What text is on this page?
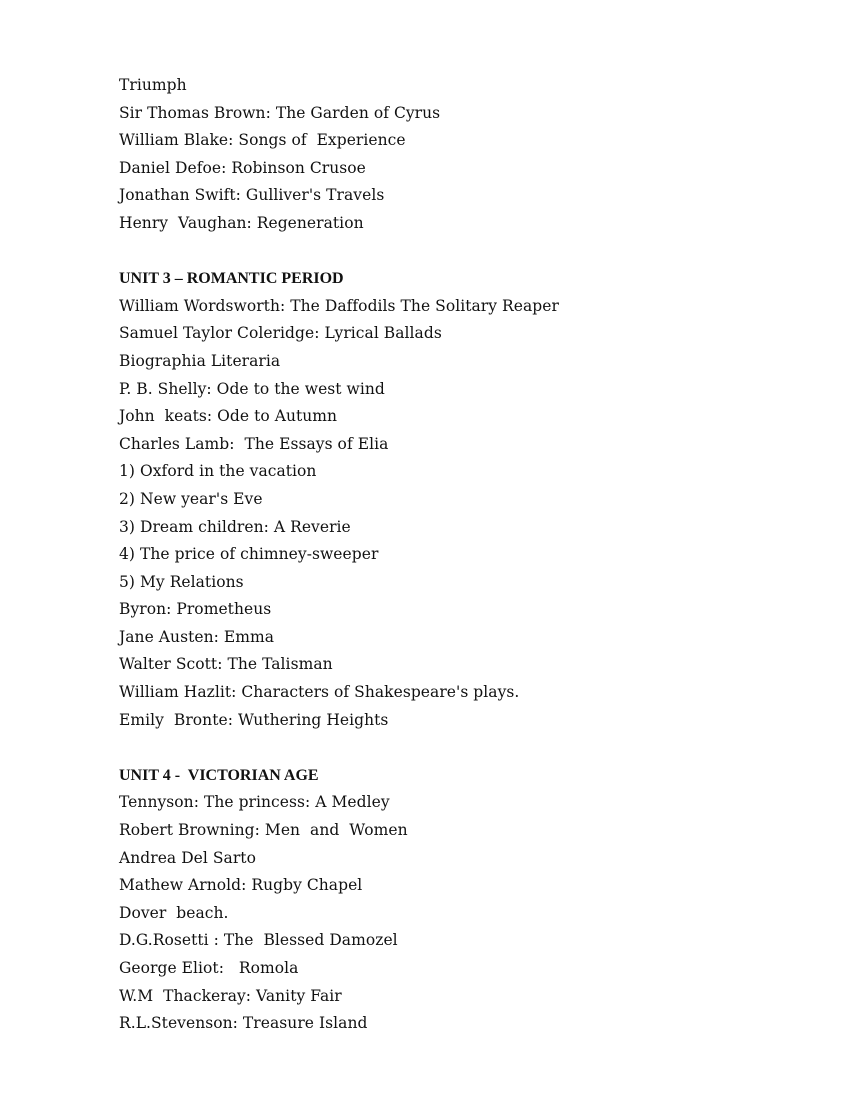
Triumph
Sir Thomas Brown: The Garden of Cyrus
William Blake: Songs of  Experience
Daniel Defoe: Robinson Crusoe
Jonathan Swift: Gulliver's Travels
Henry  Vaughan: Regeneration
UNIT 3 – ROMANTIC PERIOD
William Wordsworth: The Daffodils The Solitary Reaper
Samuel Taylor Coleridge: Lyrical Ballads
Biographia Literaria
P. B. Shelly: Ode to the west wind
John  keats: Ode to Autumn
Charles Lamb:  The Essays of Elia
1) Oxford in the vacation
2) New year's Eve
3) Dream children: A Reverie
4) The price of chimney-sweeper
5) My Relations
Byron: Prometheus
Jane Austen: Emma
Walter Scott: The Talisman
William Hazlit: Characters of Shakespeare's plays.
Emily  Bronte: Wuthering Heights
UNIT 4 -  VICTORIAN AGE
Tennyson: The princess: A Medley
Robert Browning: Men  and  Women
Andrea Del Sarto
Mathew Arnold: Rugby Chapel
Dover  beach.
D.G.Rosetti : The  Blessed Damozel
George Eliot:   Romola
W.M  Thackeray: Vanity Fair
R.L.Stevenson: Treasure Island
